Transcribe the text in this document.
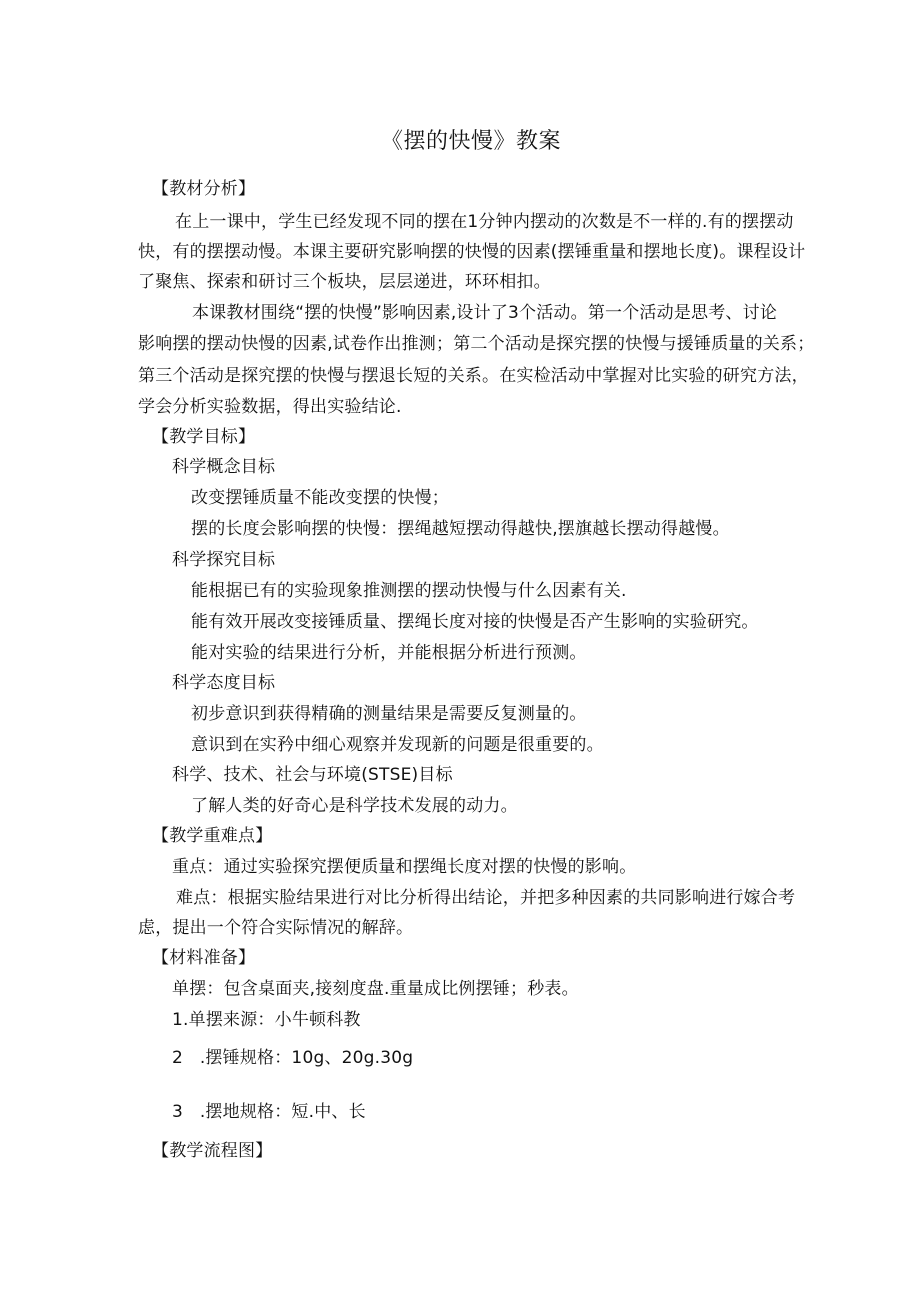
《摆的快慢》教案
【教材分析】
在上一课中，学生已经发现不同的摆在1分钟内摆动的次数是不一样的.有的摆摆动
快，有的摆摆动慢。本课主要研究影响摆的快慢的因素(摆锤重量和摆地长度)。课程设计
了聚焦、探索和研讨三个板块，层层递进，环环相扣。
本课教材围绕“摆的快慢”影响因素,设计了3个活动。第一个活动是思考、讨论
影响摆的摆动快慢的因素,试卷作出推测；第二个活动是探究摆的快慢与援锤质量的关系；
第三个活动是探究摆的快慢与摆退长短的关系。在实检活动中掌握对比实验的研究方法，
学会分析实验数据，得出实验结论.
【教学目标】
科学概念目标
改变摆锤质量不能改变摆的快慢；
摆的长度会影响摆的快慢：摆绳越短摆动得越快,摆旗越长摆动得越慢。
科学探究目标
能根据已有的实验现象推测摆的摆动快慢与什么因素有关.
能有效开展改变接锤质量、摆绳长度对接的快慢是否产生影响的实验研究。
能对实验的结果进行分析，并能根据分析进行预测。
科学态度目标
初步意识到获得精确的测量结果是需要反复测量的。
意识到在实矜中细心观察并发现新的问题是很重要的。
科学、技术、社会与环境(STSE)目标
了解人类的好奇心是科学技术发展的动力。
【教学重难点】
重点：通过实验探究摆便质量和摆绳长度对摆的快慢的影响。
难点：根据实脸结果进行对比分析得出结论，并把多种因素的共同影响进行嫁合考
虑，提出一个符合实际情况的解辞。
【材料准备】
单摆：包含桌面夹,接刻度盘.重量成比例摆锤；秒表。
1.单摆来源：小牛顿科教
2   .摆锤规格：10g、20g.30g
3   .摆地规格：短.中、长
【教学流程图】
